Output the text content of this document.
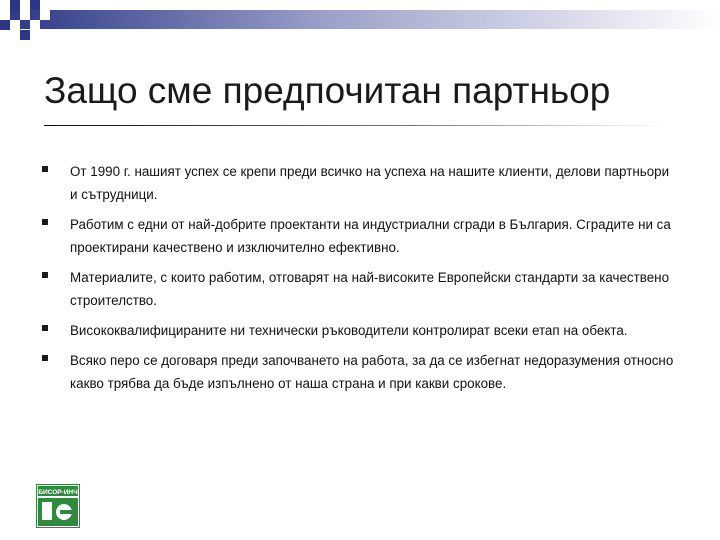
Защо сме предпочитан партньор
От 1990 г. нашият успех се крепи преди всичко на успеха на нашите клиенти, делови партньори и сътрудници.
Работим с едни от най-добрите проектанти на индустриални сгради в България. Сградите ни са проектирани качествено и изключително ефективно.
Материалите, с които работим, отговарят на най-високите Европейски стандарти за качествено строителство.
Висококвалифицираните ни технически ръководители контролират всеки етап на обекта.
Всяко перо се договаря преди започването на работа, за да се избегнат недоразумения относно какво трябва да бъде изпълнено от наша страна и при какви срокове.
БИСОР-ИНЧ
